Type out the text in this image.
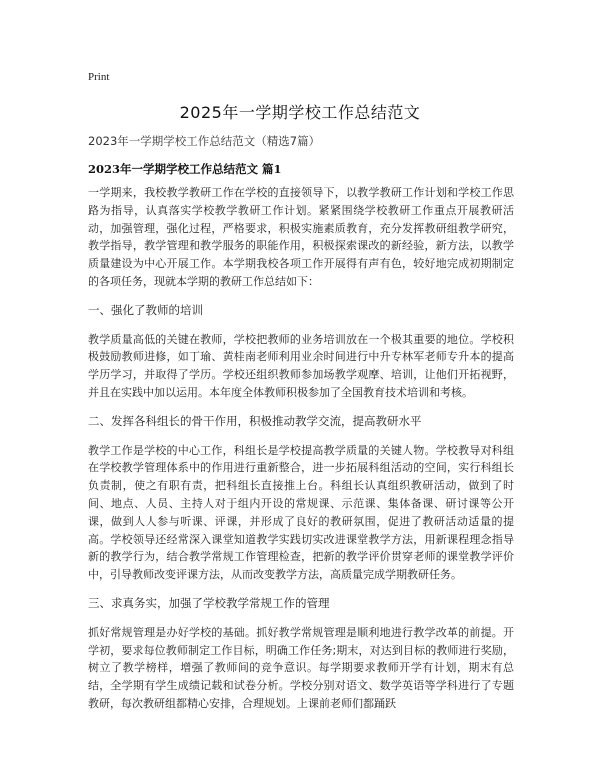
Print
2025年一学期学校工作总结范文
2023年一学期学校工作总结范文（精选7篇）
2023年一学期学校工作总结范文 篇1

一学期来，我校教学教研工作在学校的直接领导下，以教学教研工作计划和学校工作思路为指导，认真落实学校教学教研工作计划。紧紧围绕学校教研工作重点开展教研活动，加强管理，强化过程，严格要求，积极实施素质教育，充分发挥教研组教学研究，教学指导，教学管理和教学服务的职能作用，积极探索课改的新经验，新方法，以教学质量建设为中心开展工作。本学期我校各项工作开展得有声有色，较好地完成初期制定的各项任务，现就本学期的教研工作总结如下：

一、强化了教师的培训

教学质量高低的关键在教师，学校把教师的业务培训放在一个极其重要的地位。学校积极鼓励教师进修，如丁瑜、黄桂南老师利用业余时间进行中升专林军老师专升本的提高学历学习，并取得了学历。学校还组织教师参加场教学观摩、培训，让他们开拓视野，并且在实践中加以运用。本年度全体教师积极参加了全国教育技术培训和考核。

二、发挥各科组长的骨干作用，积极推动教学交流，提高教研水平

教学工作是学校的中心工作，科组长是学校提高教学质量的关键人物。学校教导对科组在学校教学管理体系中的作用进行重新整合，进一步拓展科组活动的空间，实行科组长负责制，使之有职有责，把科组长直接推上台。科组长认真组织教研活动，做到了时间、地点、人员、主持人对于组内开设的常规课、示范课、集体备课、研讨课等公开课，做到人人参与听课、评课，并形成了良好的教研氛围，促进了教研活动适量的提高。学校领导还经常深入课堂知道教学实践切实改进课堂教学方法，用新课程理念指导新的教学行为，结合教学常规工作管理检查，把新的教学评价贯穿老师的课堂教学评价中，引导教师改变评课方法，从而改变教学方法，高质量完成学期教研任务。

三、求真务实，加强了学校教学常规工作的管理

抓好常规管理是办好学校的基础。抓好教学常规管理是顺利地进行教学改革的前提。开学初，要求每位教师制定工作目标，明确工作任务;期末，对达到目标的教师进行奖励，树立了教学榜样，增强了教师间的竞争意识。每学期要求教师开学有计划，期末有总结，全学期有学生成绩记载和试卷分析。学校分别对语文、数学英语等学科进行了专题教研，每次教研组都精心安排，合理规划。上课前老师们都踊跃
